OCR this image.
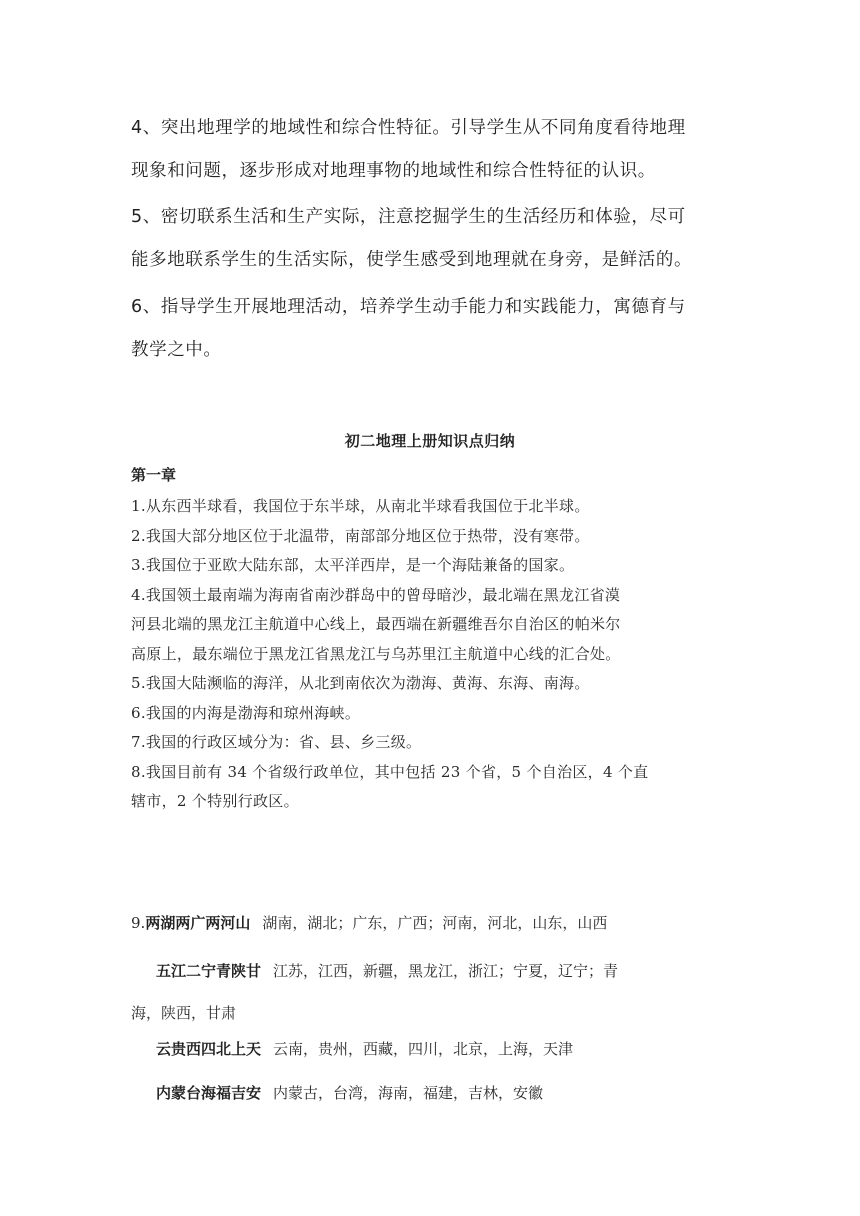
4、突出地理学的地域性和综合性特征。引导学生从不同角度看待地理
现象和问题，逐步形成对地理事物的地域性和综合性特征的认识。

5、密切联系生活和生产实际，注意挖掘学生的生活经历和体验，尽可
能多地联系学生的生活实际，使学生感受到地理就在身旁，是鲜活的。

6、指导学生开展地理活动，培养学生动手能力和实践能力，寓德育与
教学之中。

初二地理上册知识点归纳
第一章

1.从东西半球看，我国位于东半球，从南北半球看我国位于北半球。

2.我国大部分地区位于北温带，南部部分地区位于热带，没有寒带。

3.我国位于亚欧大陆东部，太平洋西岸，是一个海陆兼备的国家。

4.我国领土最南端为海南省南沙群岛中的曾母暗沙，最北端在黑龙江省漠

河县北端的黑龙江主航道中心线上，最西端在新疆维吾尔自治区的帕米尔

高原上，最东端位于黑龙江省黑龙江与乌苏里江主航道中心线的汇合处。

5.我国大陆濒临的海洋，从北到南依次为渤海、黄海、东海、南海。

6.我国的内海是渤海和琼州海峡。

7.我国的行政区域分为：省、县、乡三级。

8.我国目前有 34 个省级行政单位，其中包括 23 个省，5 个自治区，4 个直

辖市，2 个特别行政区。

9.两湖两广两河山 湖南，湖北；广东，广西；河南，河北，山东，山西
五江二宁青陕甘 江苏，江西，新疆，黑龙江，浙江；宁夏，辽宁；青
海，陕西，甘肃
云贵西四北上天 云南，贵州，西藏，四川，北京，上海，天津
内蒙台海福吉安 内蒙古，台湾，海南，福建，吉林，安徽
